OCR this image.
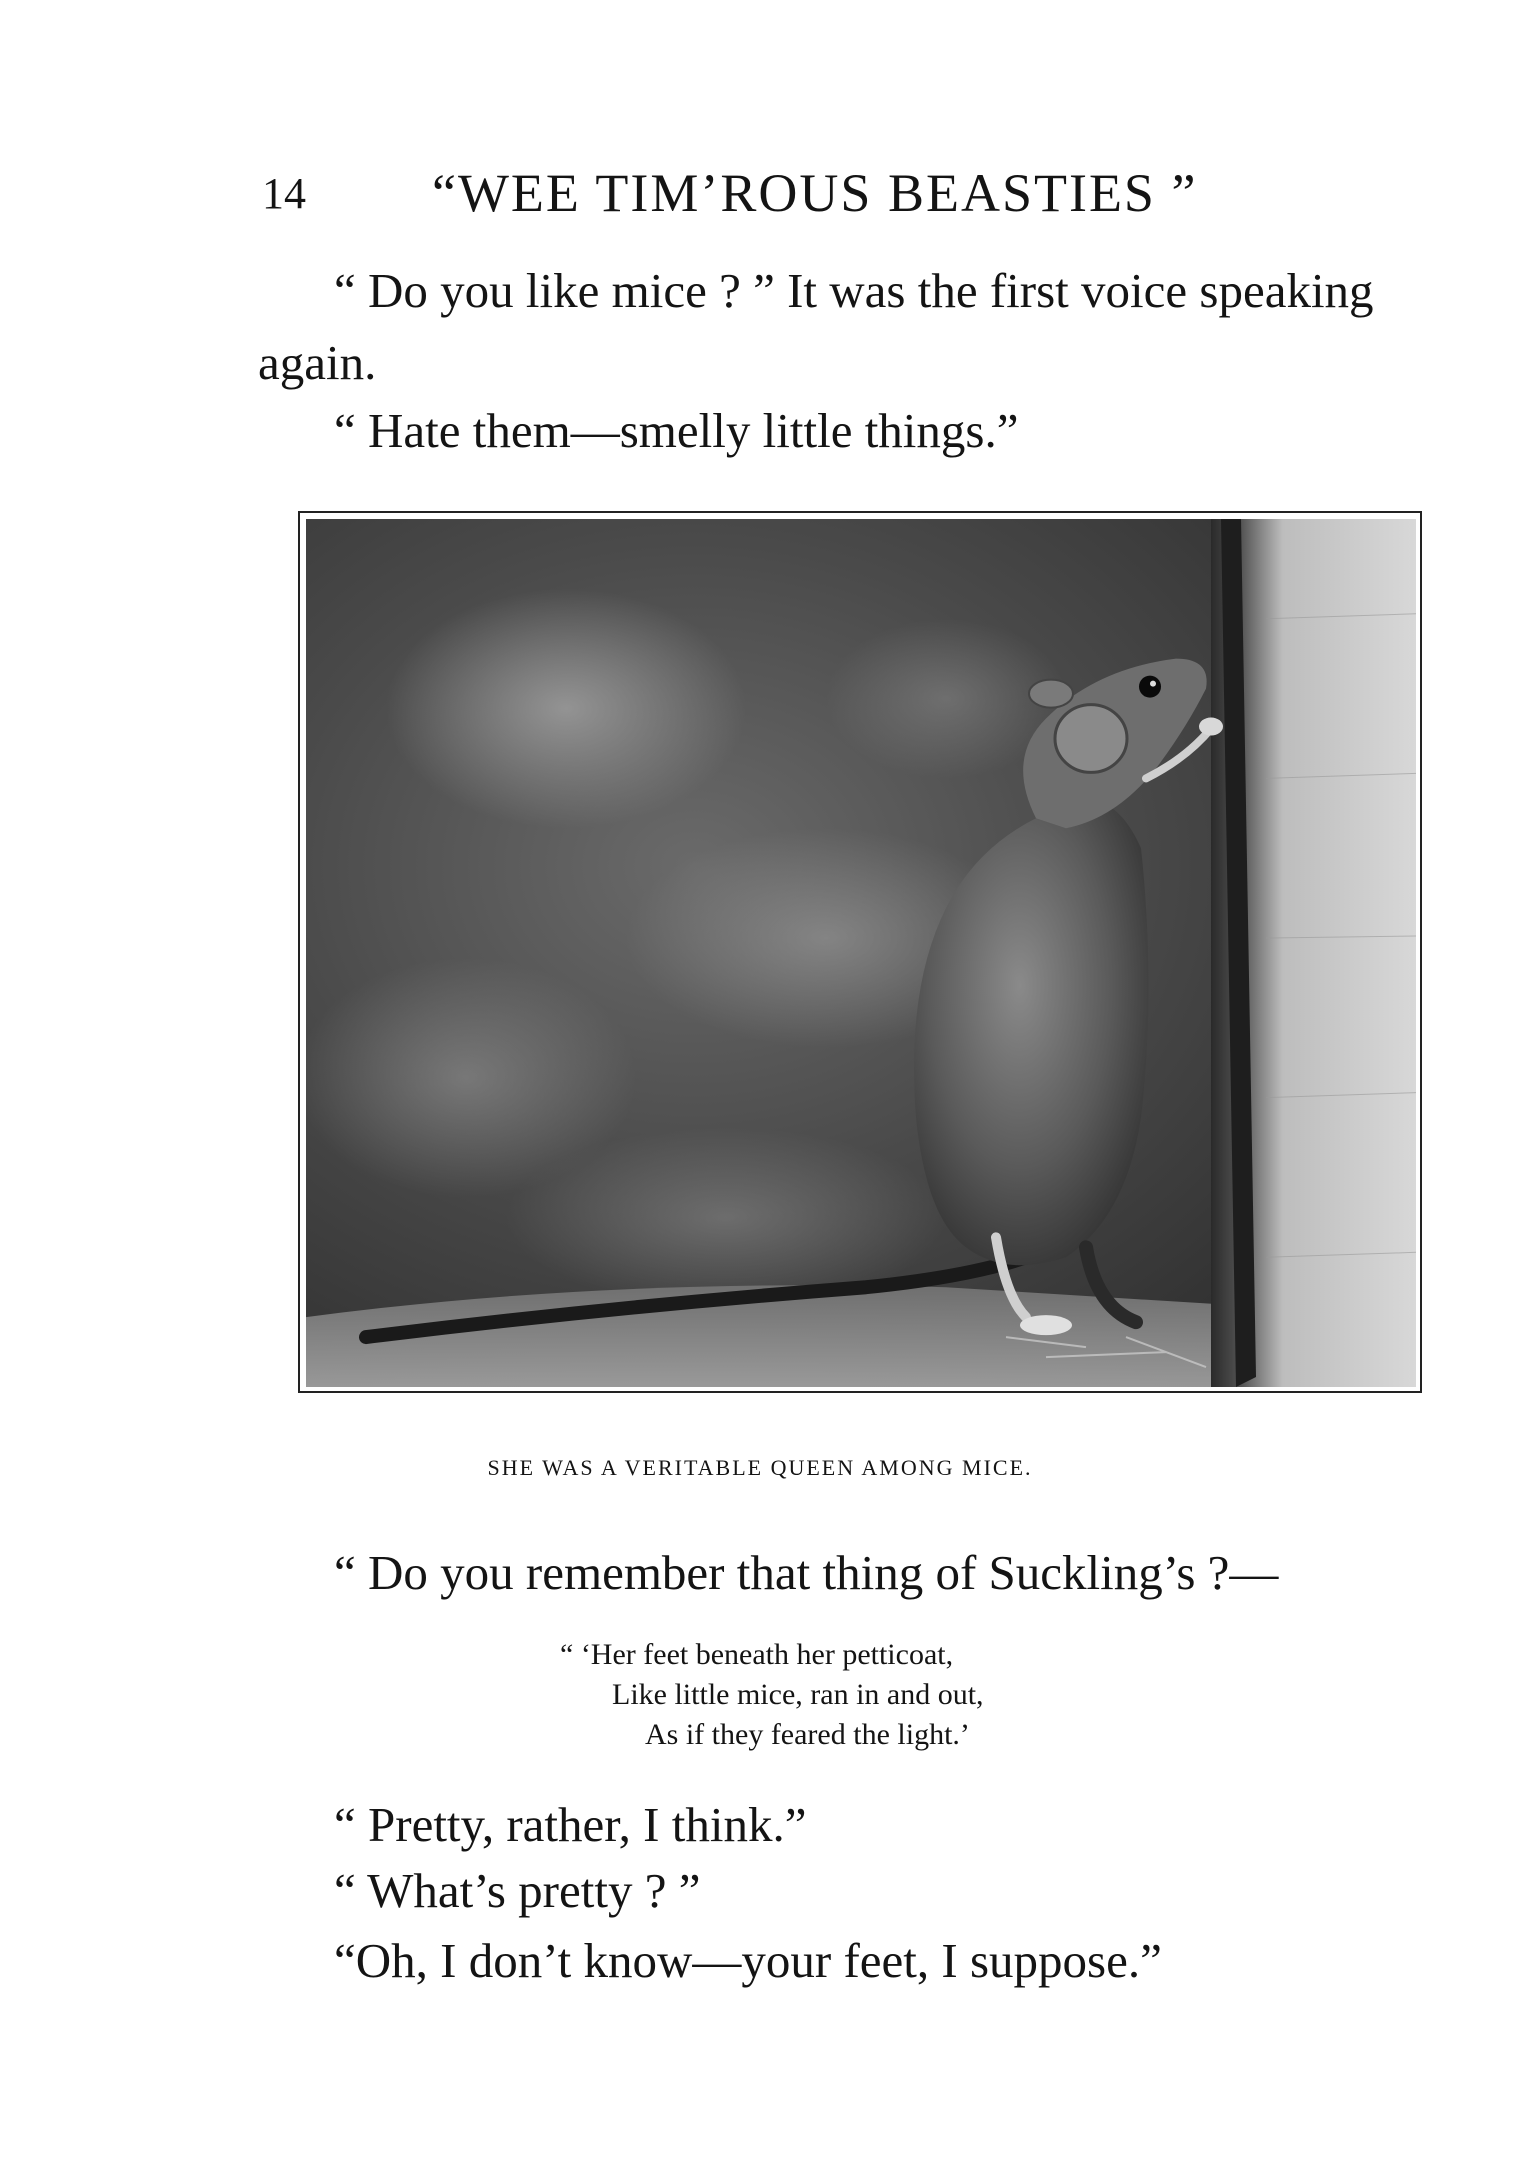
14 “WEE TIM’ROUS BEASTIES ”
“ Do you like mice ? ” It was the first voice speaking
again.
“ Hate them—smelly little things.”
SHE WAS A VERITABLE QUEEN AMONG MICE.
“ Do you remember that thing of Suckling’s ?—
“ ‘Her feet beneath her petticoat,
Like little mice, ran in and out,
As if they feared the light.’
“ Pretty, rather, I think.”
“ What’s pretty ? ”
“Oh, I don’t know—your feet, I suppose.”
